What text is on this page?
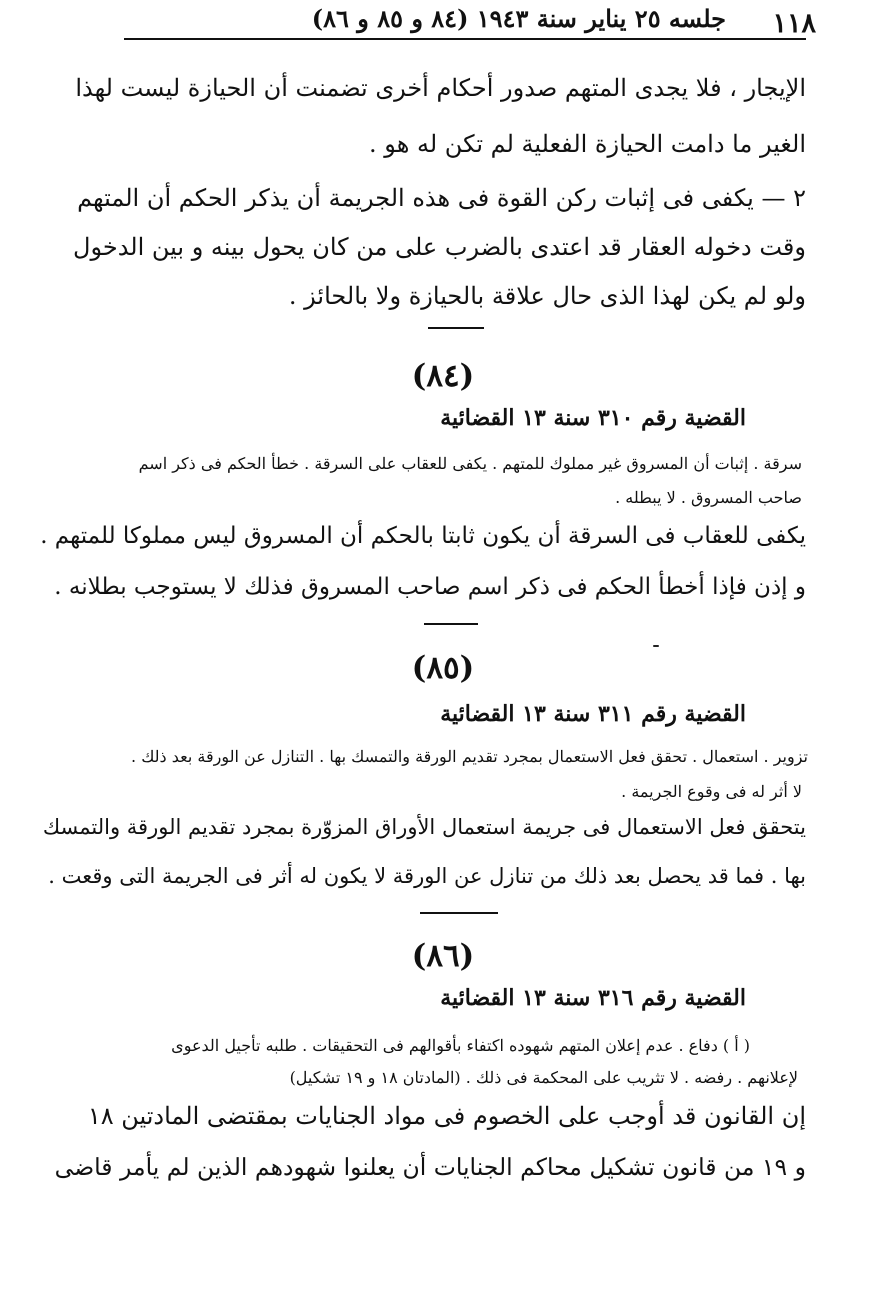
١١٨
جلسه ٢٥ يناير سنة ١٩٤٣ (٨٤ و ٨٥ و ٨٦)
الإيجار ، فلا يجدى المتهم صدور أحكام أخرى تضمنت أن الحيازة ليست لهذا
الغير ما دامت الحيازة الفعلية لم تكن له هو .
٢ — يكفى فى إثبات ركن القوة فى هذه الجريمة أن يذكر الحكم أن المتهم
وقت دخوله العقار قد اعتدى بالضرب على من كان يحول بينه و بين الدخول
ولو لم يكن لهذا الذى حال علاقة بالحيازة ولا بالحائز .
(٨٤)
القضية رقم ٣١٠ سنة ١٣ القضائية
سرقة . إثبات أن المسروق غير مملوك للمتهم . يكفى للعقاب على السرقة . خطأ الحكم فى ذكر اسم
صاحب المسروق . لا يبطله .
يكفى للعقاب فى السرقة أن يكون ثابتا بالحكم أن المسروق ليس مملوكا للمتهم .
و إذن فإذا أخطأ الحكم فى ذكر اسم صاحب المسروق فذلك لا يستوجب بطلانه .
(٨٥)
القضية رقم ٣١١ سنة ١٣ القضائية
تزوير . استعمال . تحقق فعل الاستعمال بمجرد تقديم الورقة والتمسك بها . التنازل عن الورقة بعد ذلك .
لا أثر له فى وقوع الجريمة .
يتحقق فعل الاستعمال فى جريمة استعمال الأوراق المزوّرة بمجرد تقديم الورقة والتمسك
بها . فما قد يحصل بعد ذلك من تنازل عن الورقة لا يكون له أثر فى الجريمة التى وقعت .
(٨٦)
القضية رقم ٣١٦ سنة ١٣ القضائية
( أ ) دفاع . عدم إعلان المتهم شهوده اكتفاء بأقوالهم فى التحقيقات . طلبه تأجيل الدعوى
لإعلانهم . رفضه . لا تثريب على المحكمة فى ذلك . (المادتان ١٨ و ١٩ تشكيل)
إن القانون قد أوجب على الخصوم فى مواد الجنايات بمقتضى المادتين ١٨
و ١٩ من قانون تشكيل محاكم الجنايات أن يعلنوا شهودهم الذين لم يأمر قاضى
